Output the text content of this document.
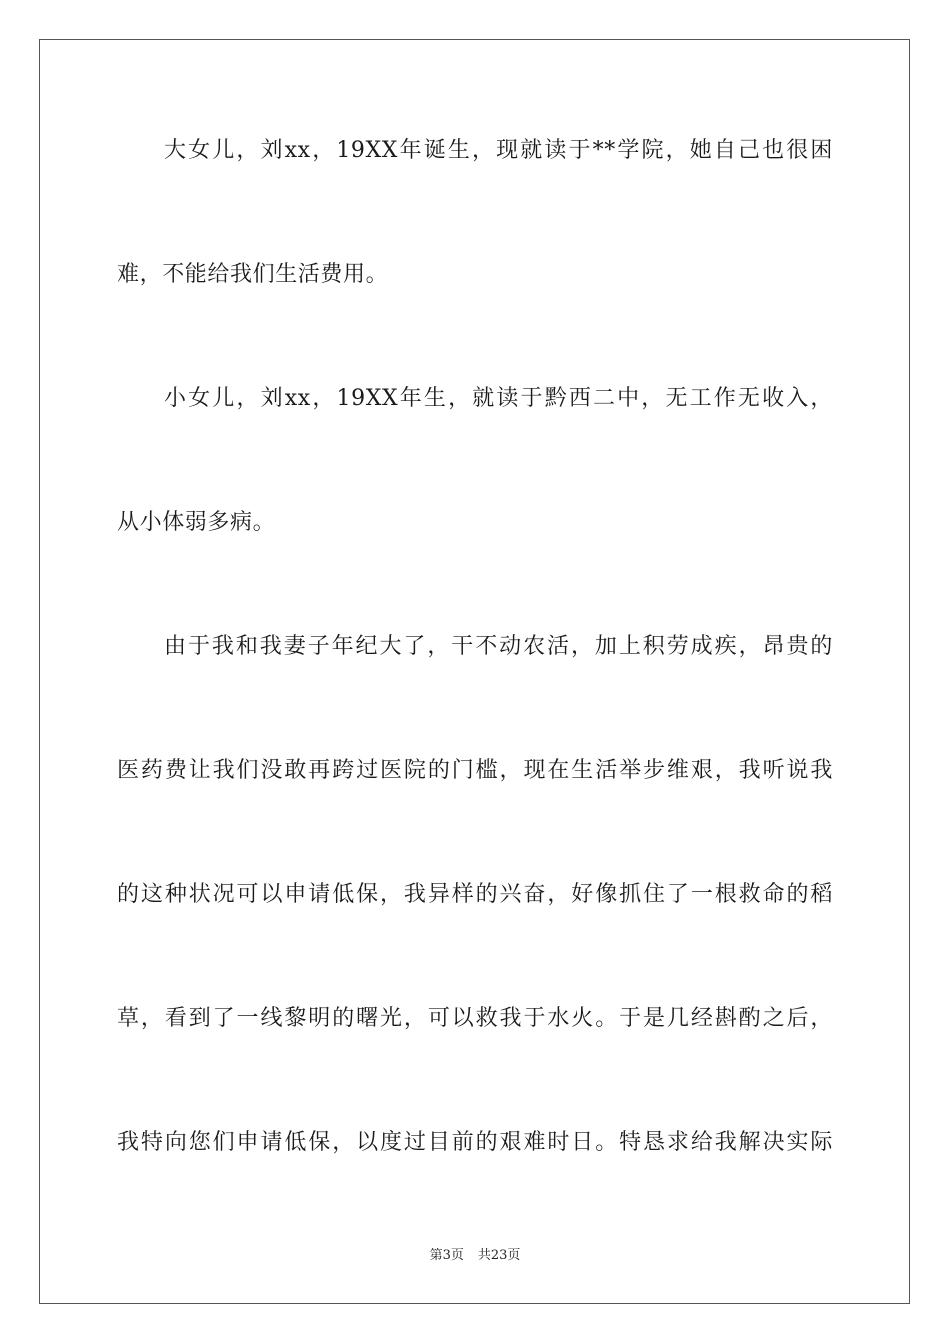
大女儿，刘xx，19XX年诞生，现就读于**学院，她自己也很困
难，不能给我们生活费用。
小女儿，刘xx，19XX年生，就读于黔西二中，无工作无收入，
从小体弱多病。
由于我和我妻子年纪大了，干不动农活，加上积劳成疾，昂贵的
医药费让我们没敢再跨过医院的门槛，现在生活举步维艰，我听说我
的这种状况可以申请低保，我异样的兴奋，好像抓住了一根救命的稻
草，看到了一线黎明的曙光，可以救我于水火。于是几经斟酌之后，
我特向您们申请低保，以度过目前的艰难时日。特恳求给我解决实际
第3页 共23页
